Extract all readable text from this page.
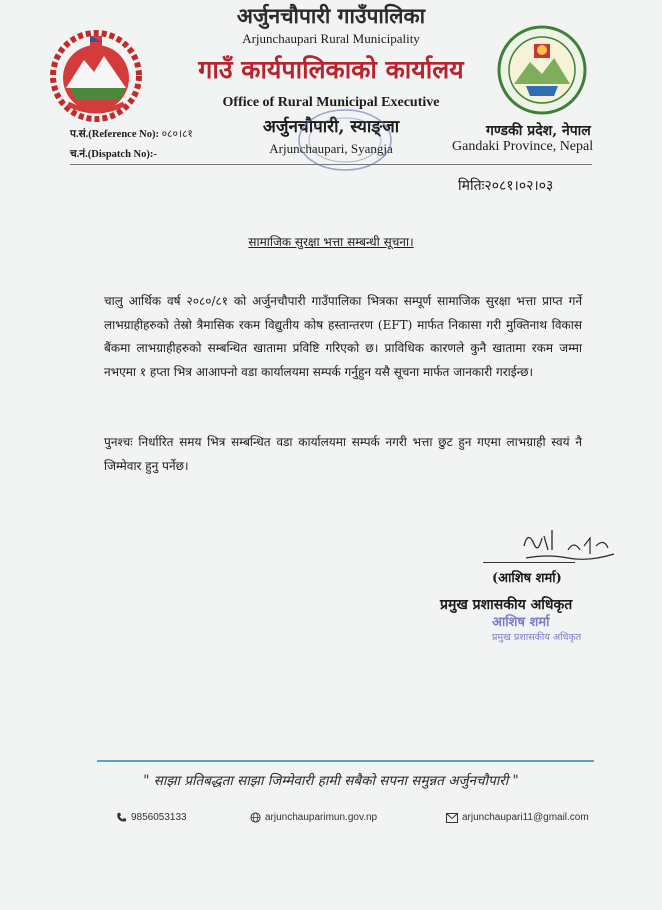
अर्जुनचौपारी गाउँपालिका
Arjunchaupari Rural Municipality
गाउँ कार्यपालिकाको कार्यालय
Office of Rural Municipal Executive
अर्जुनचौपारी, स्याङ्जा
Arjunchaupari, Syangja
प.सं.(Reference No): ०८०।८१
च.नं.(Dispatch No):-
गण्डकी प्रदेश, नेपाल
Gandaki Province, Nepal
मितिः२०८१।०२।०३
सामाजिक सुरक्षा भत्ता सम्बन्धी सूचना।
चालु आर्थिक वर्ष २०८०/८१ को अर्जुनचौपारी गाउँपालिका भित्रका सम्पूर्ण सामाजिक सुरक्षा भत्ता प्राप्त गर्ने लाभग्राहीहरुको तेस्रो त्रैमासिक रकम विद्युतीय कोष हस्तान्तरण (EFT) मार्फत निकासा गरी मुक्तिनाथ विकास बैंकमा लाभग्राहीहरुको सम्बन्धित खातामा प्रविष्टि गरिएको छ। प्राविधिक कारणले कुनै खातामा रकम जम्मा नभएमा १ हप्ता भित्र आआफ्नो वडा कार्यालयमा सम्पर्क गर्नुहुन यसै सूचना मार्फत जानकारी गराईन्छ।
पुनश्चः निर्धारित समय भित्र सम्बन्धित वडा कार्यालयमा सम्पर्क नगरी भत्ता छुट हुन गएमा लाभग्राही स्वयं नै जिम्मेवार हुनु पर्नेछ।
(आशिष शर्मा)
प्रमुख प्रशासकीय अधिकृत
आशिष शर्मा
प्रमुख प्रशासकीय अधिकृत
" साझा प्रतिबद्धता साझा जिम्मेवारी हामी सबैको सपना समुन्नत अर्जुनचौपारी "
9856053133	arjunchauparimun.gov.np	arjunchaupari11@gmail.com
